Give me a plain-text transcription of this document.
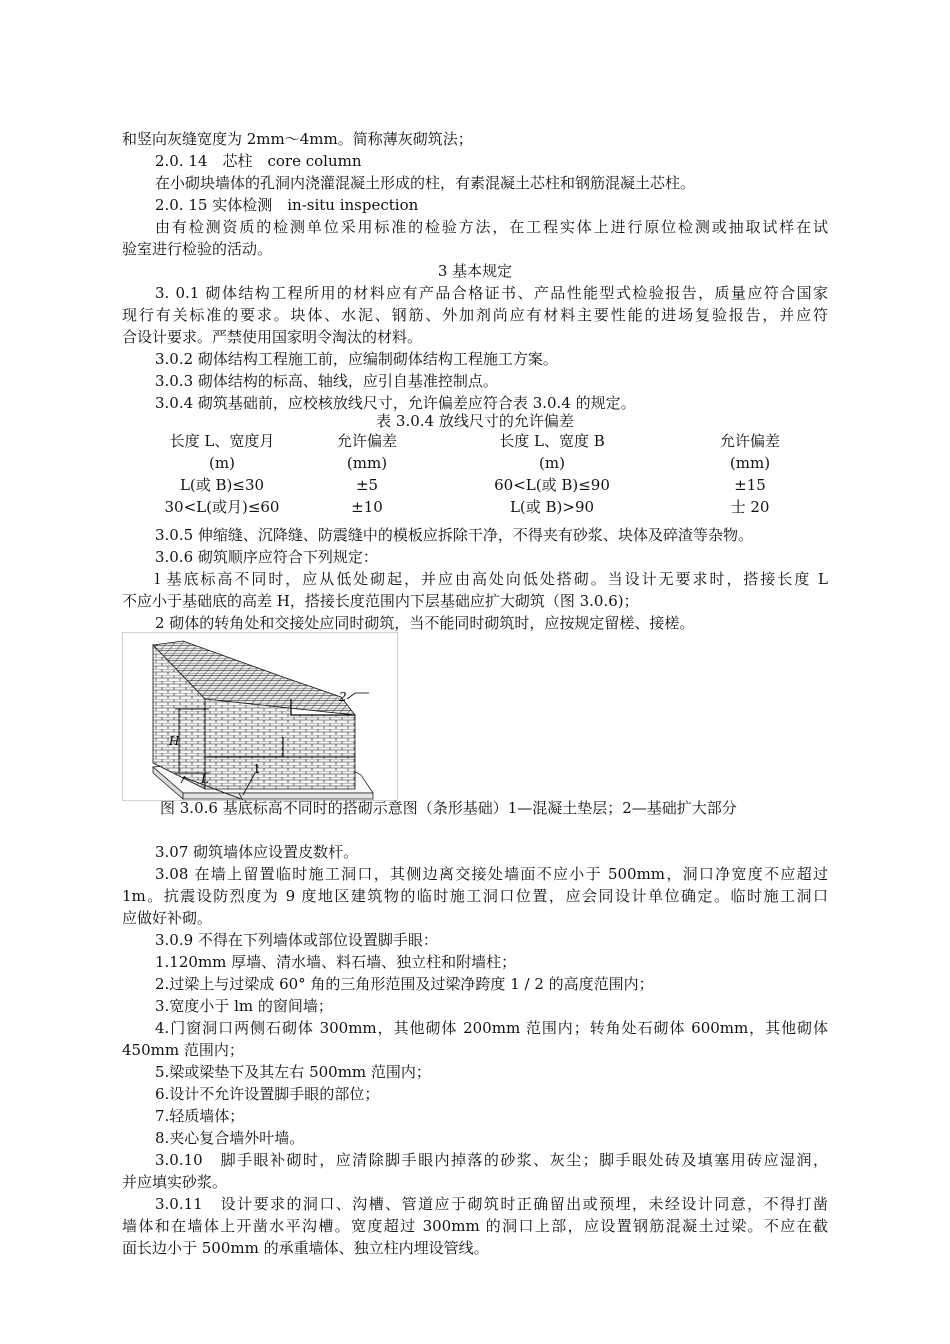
和竖向灰缝宽度为 2mm～4mm。简称薄灰砌筑法；

2.0. 14　芯柱　core column

在小砌块墙体的孔洞内浇灌混凝土形成的柱，有素混凝土芯柱和钢筋混凝土芯柱。

2.0. 15 实体检测　in-situ inspection

由有检测资质的检测单位采用标准的检验方法，在工程实体上进行原位检测或抽取试样在试

验室进行检验的活动。

3 基本规定

3. 0.1 砌体结构工程所用的材料应有产品合格证书、产品性能型式检验报告，质量应符合国家

现行有关标准的要求。块体、水泥、钢筋、外加剂尚应有材料主要性能的进场复验报告，并应符

合设计要求。严禁使用国家明令淘汰的材料。

3.0.2 砌体结构工程施工前，应编制砌体结构工程施工方案。

3.0.3 砌体结构的标高、轴线，应引自基准控制点。

3.0.4 砌筑基础前，应校核放线尺寸，允许偏差应符合表 3.0.4 的规定。

表 3.0.4 放线尺寸的允许偏差

长度 L、宽度月	允许偏差	长度 L、宽度 B	允许偏差
(m)	(mm)	(m)	(mm)
L(或 B)≤30	±5	60<L(或 B)≤90	±15
30<L(或月)≤60	±10	L(或 B)>90	士 20

3.0.5 伸缩缝、沉降缝、防震缝中的模板应拆除干净，不得夹有砂浆、块体及碎渣等杂物。

3.0.6 砌筑顺序应符合下列规定：

l 基底标高不同时，应从低处砌起，并应由高处向低处搭砌。当设计无要求时，搭接长度 L

不应小于基础底的高差 H，搭接长度范围内下层基础应扩大砌筑（图 3.0.6)；

2 砌体的转角处和交接处应同时砌筑，当不能同时砌筑时，应按规定留槎、接槎。

H
L
2
1

图 3.0.6 基底标高不同时的搭砌示意图（条形基础）1—混凝土垫层；2—基础扩大部分

3.07 砌筑墙体应设置皮数杆。

3.08 在墙上留置临时施工洞口，其侧边离交接处墙面不应小于 500mm，洞口净宽度不应超过

1m。抗震设防烈度为 9 度地区建筑物的临时施工洞口位置，应会同设计单位确定。临时施工洞口

应做好补砌。

3.0.9 不得在下列墙体或部位设置脚手眼：

1.120mm 厚墙、清水墙、料石墙、独立柱和附墙柱；

2.过梁上与过梁成 60° 角的三角形范围及过梁净跨度 1 / 2 的高度范围内；

3.宽度小于 lm 的窗间墙；

4.门窗洞口两侧石砌体 300mm，其他砌体 200mm 范围内；转角处石砌体 600mm，其他砌体

450mm 范围内；

5.梁或梁垫下及其左右 500mm 范围内；

6.设计不允许设置脚手眼的部位；

7.轻质墙体；

8.夹心复合墙外叶墙。

3.0.10　脚手眼补砌时，应清除脚手眼内掉落的砂浆、灰尘；脚手眼处砖及填塞用砖应湿润，

并应填实砂浆。

3.0.11　设计要求的洞口、沟槽、管道应于砌筑时正确留出或预埋，未经设计同意，不得打凿

墙体和在墙体上开凿水平沟槽。宽度超过 300mm 的洞口上部，应设置钢筋混凝土过梁。不应在截

面长边小于 500mm 的承重墙体、独立柱内埋设管线。
